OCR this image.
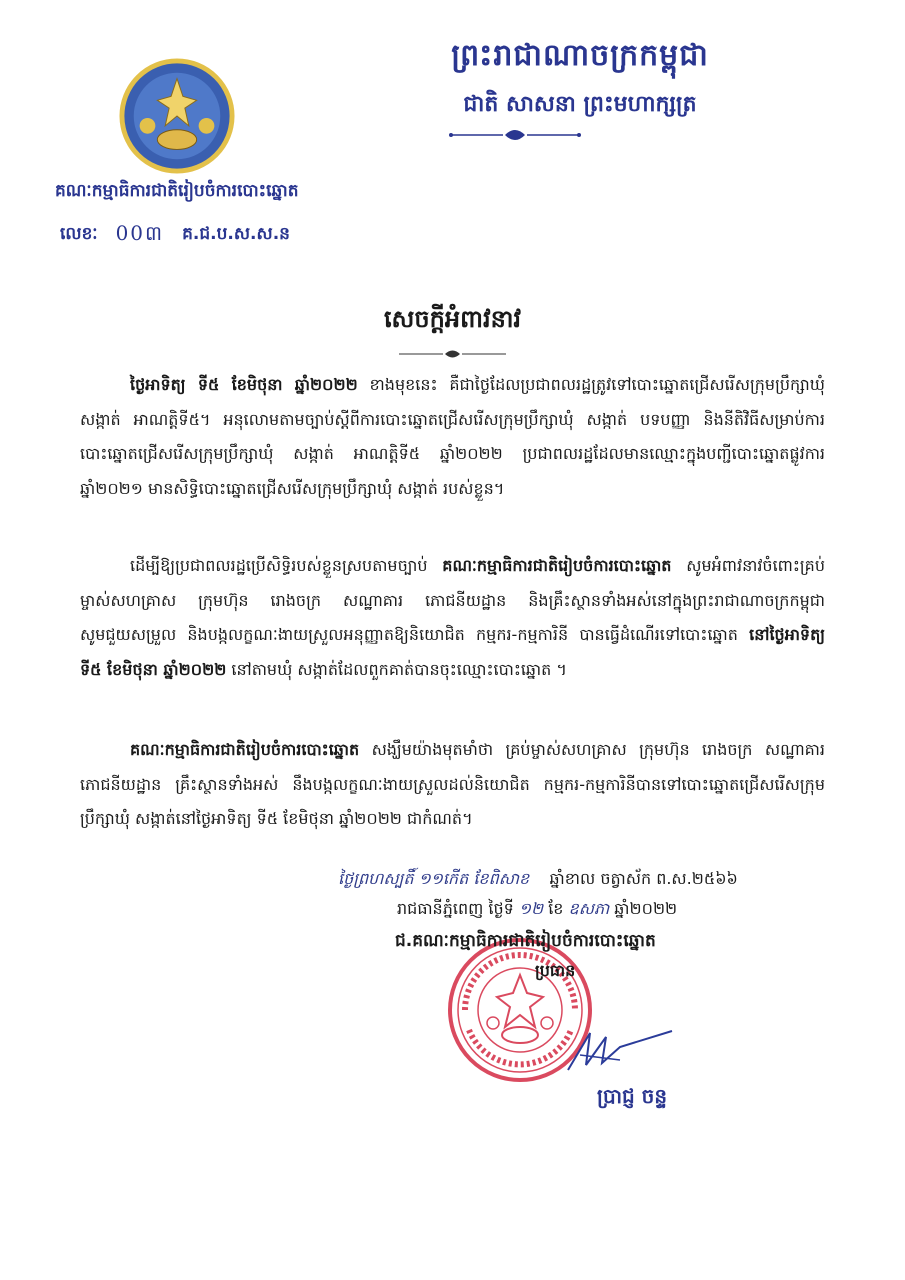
ព្រះរាជាណាចក្រកម្ពុជា
ជាតិ សាសនា ព្រះមហាក្សត្រ
គណៈកម្មាធិការជាតិរៀបចំការបោះឆ្នោត
លេខៈ 00៣ គ.ជ.ប.ស.ស.ន
សេចក្តីអំពាវនាវ
ថ្ងៃអាទិត្យ ទី៥ ខែមិថុនា ឆ្នាំ២០២២ ខាងមុខនេះ គឺជាថ្ងៃដែលប្រជាពលរដ្ឋត្រូវទៅបោះឆ្នោតជ្រើសរើសក្រុមប្រឹក្សាឃុំ សង្កាត់ អាណត្តិទី៥។ អនុលោមតាមច្បាប់ស្តីពីការបោះឆ្នោតជ្រើសរើសក្រុមប្រឹក្សាឃុំ សង្កាត់ បទបញ្ញា និងនីតិវិធីសម្រាប់ការបោះឆ្នោតជ្រើសរើសក្រុមប្រឹក្សាឃុំ សង្កាត់ អាណត្តិទី៥ ឆ្នាំ២០២២ ប្រជាពលរដ្ឋដែលមានឈ្មោះក្នុងបញ្ជីបោះឆ្នោតផ្លូវការឆ្នាំ២០២១ មានសិទ្ធិបោះឆ្នោតជ្រើសរើសក្រុមប្រឹក្សាឃុំ សង្កាត់ របស់ខ្លួន។
ដើម្បីឱ្យប្រជាពលរដ្ឋប្រើសិទ្ធិរបស់ខ្លួនស្របតាមច្បាប់ គណៈកម្មាធិការជាតិរៀបចំការបោះឆ្នោត សូមអំពាវនាវចំពោះគ្រប់ម្ចាស់សហគ្រាស ក្រុមហ៊ុន រោងចក្រ សណ្ឋាគារ ភោជនីយដ្ឋាន និងគ្រឹះស្ថានទាំងអស់នៅក្នុងព្រះរាជាណាចក្រកម្ពុជា សូមជួយសម្រួល និងបង្កលក្ខណៈងាយស្រួលអនុញ្ញាតឱ្យនិយោជិត កម្មករ-កម្មការិនី បានធ្វើដំណើរទៅបោះឆ្នោត នៅថ្ងៃអាទិត្យ ទី៥ ខែមិថុនា ឆ្នាំ២០២២ នៅតាមឃុំ សង្កាត់ដែលពួកគាត់បានចុះឈ្មោះបោះឆ្នោត ។
គណៈកម្មាធិការជាតិរៀបចំការបោះឆ្នោត សង្ឃឹមយ៉ាងមុតមាំថា គ្រប់ម្ចាស់សហគ្រាស ក្រុមហ៊ុន រោងចក្រ សណ្ឋាគារ ភោជនីយដ្ឋាន គ្រឹះស្ថានទាំងអស់ នឹងបង្កលក្ខណៈងាយស្រួលដល់និយោជិត កម្មករ-កម្មការិនីបានទៅបោះឆ្នោតជ្រើសរើសក្រុមប្រឹក្សាឃុំ សង្កាត់នៅថ្ងៃអាទិត្យ ទី៥ ខែមិថុនា ឆ្នាំ២០២២ ជាកំណត់។
ថ្ងៃព្រហស្បតិ៍ ១១កើត ខែពិសាខ ឆ្នាំខាល ចត្វាស័ក ព.ស.២៥៦៦
រាជធានីភ្នំពេញ ថ្ងៃទី ១២ ខែ ឧសភា ឆ្នាំ២០២២
ជ.គណៈកម្មាធិការជាតិរៀបចំការបោះឆ្នោត
ប្រធាន
ប្រាជ្ញ ចន្ទ
